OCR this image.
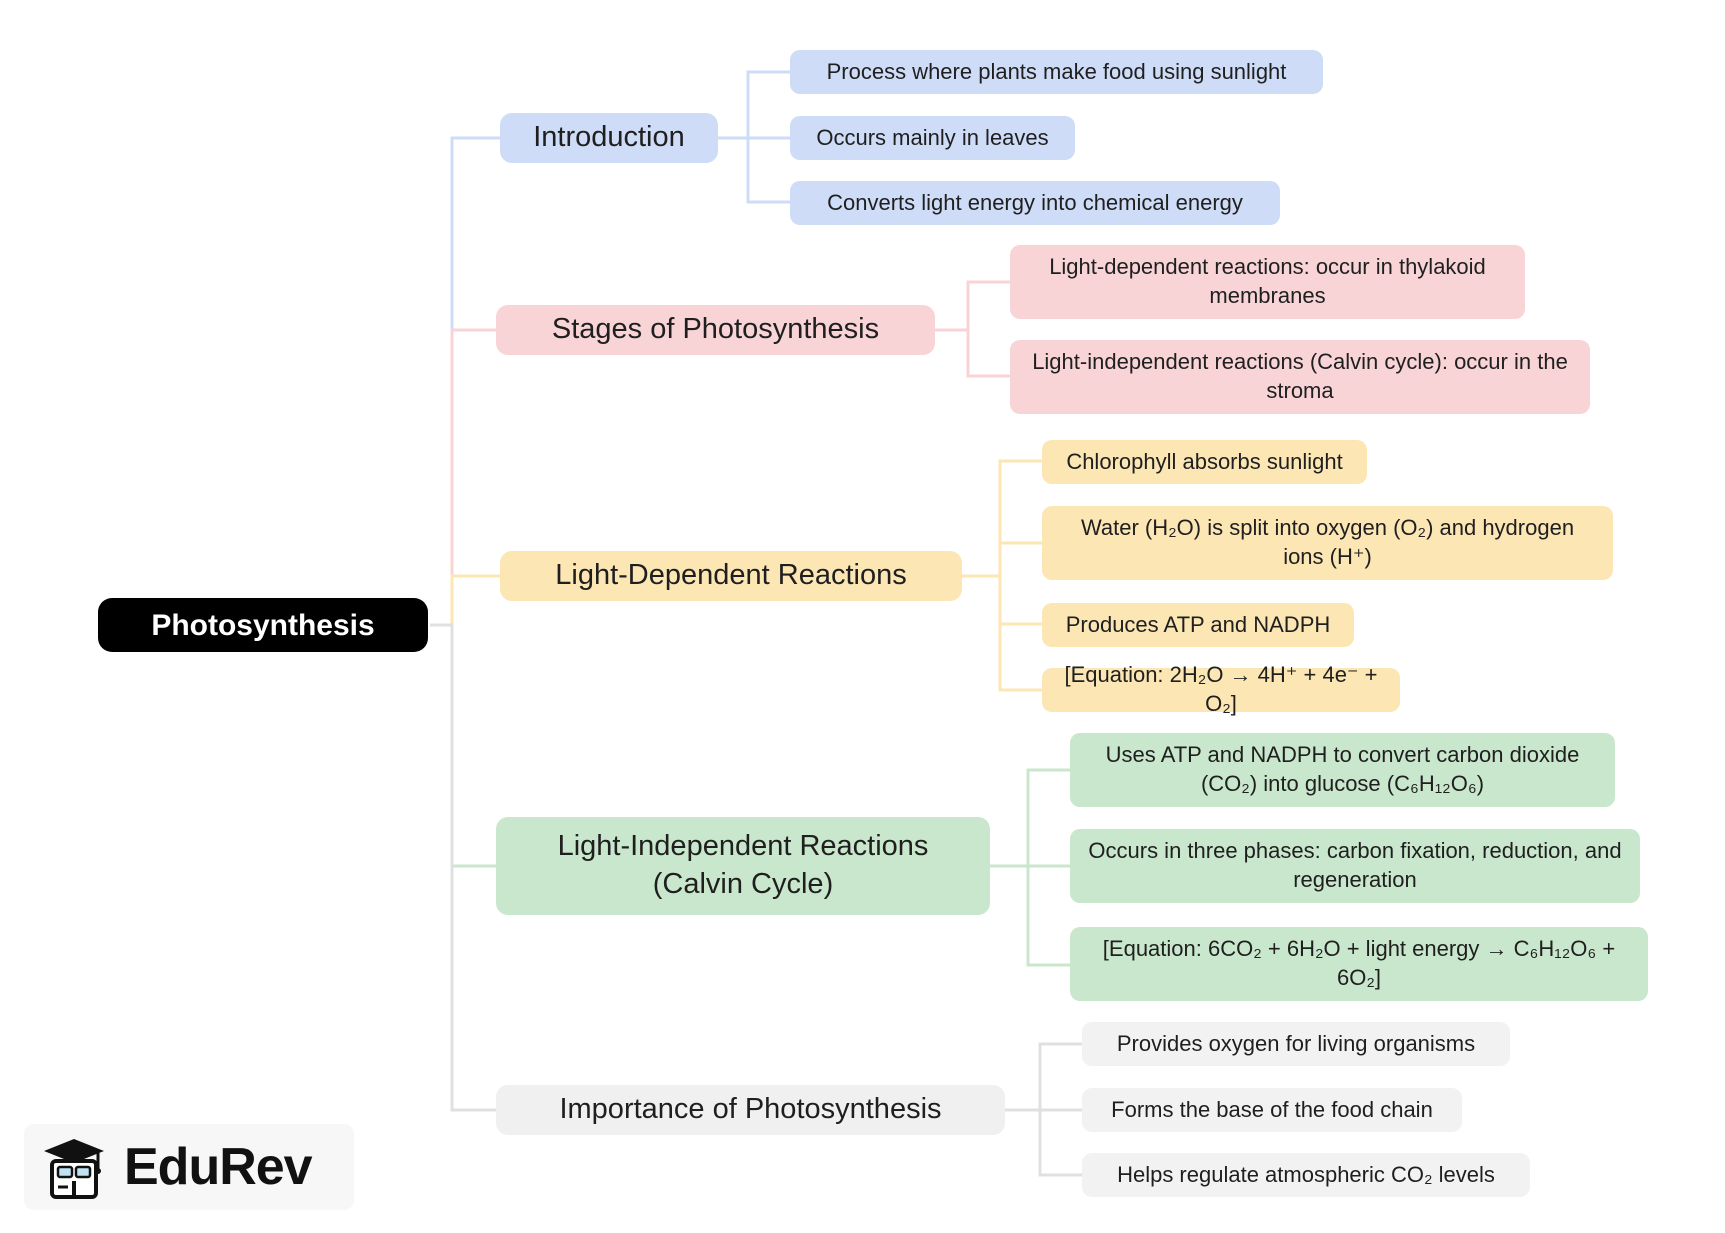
Photosynthesis
Introduction
Process where plants make food using sunlight
Occurs mainly in leaves
Converts light energy into chemical energy
Stages of Photosynthesis
Light-dependent reactions: occur in thylakoid membranes
Light-independent reactions (Calvin cycle): occur in the stroma
Light-Dependent Reactions
Chlorophyll absorbs sunlight
Water (H₂O) is split into oxygen (O₂) and hydrogen ions (H⁺)
Produces ATP and NADPH
[Equation: 2H₂O → 4H⁺ + 4e⁻ + O₂]
Light-Independent Reactions (Calvin Cycle)
Uses ATP and NADPH to convert carbon dioxide (CO₂) into glucose (C₆H₁₂O₆)
Occurs in three phases: carbon fixation, reduction, and regeneration
[Equation: 6CO₂ + 6H₂O + light energy → C₆H₁₂O₆ + 6O₂]
Importance of Photosynthesis
Provides oxygen for living organisms
Forms the base of the food chain
Helps regulate atmospheric CO₂ levels
EduRev
